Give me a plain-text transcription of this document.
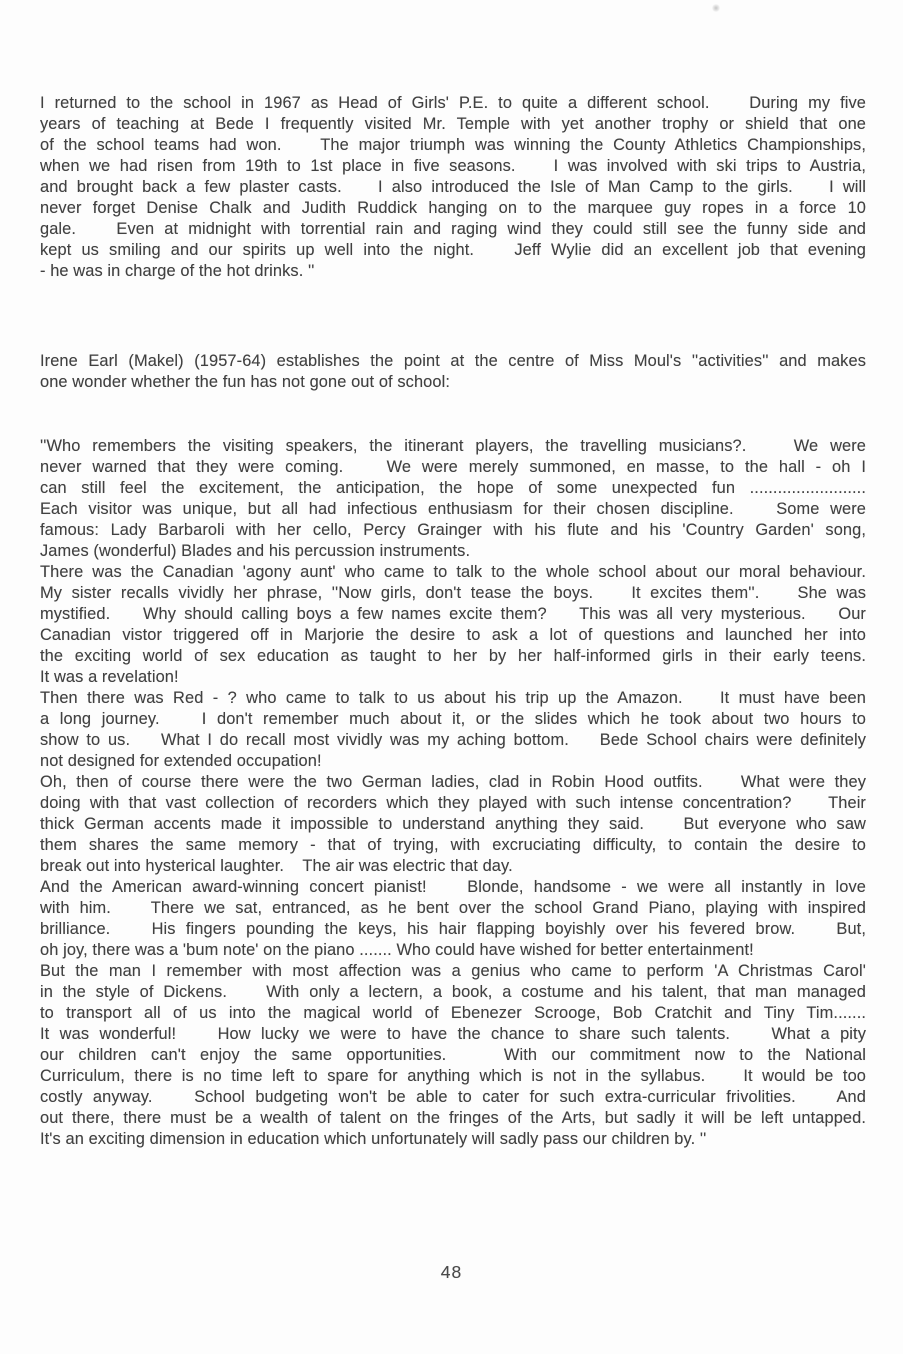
I returned to the school in 1967 as Head of Girls' P.E. to quite a different school.    During my five
years of teaching at Bede I frequently visited Mr. Temple with yet another trophy or shield that one
of the school teams had won.    The major triumph was winning the County Athletics Championships,
when we had risen from 19th to 1st place in five seasons.    I was involved with ski trips to Austria,
and brought back a few plaster casts.    I also introduced the Isle of Man Camp to the girls.    I will
never forget Denise Chalk and Judith Ruddick hanging on to the marquee guy ropes in a force 10
gale.    Even at midnight with torrential rain and raging wind they could still see the funny side and
kept us smiling and our spirits up well into the night.    Jeff Wylie did an excellent job that evening
- he was in charge of the hot drinks. ''
Irene Earl (Makel) (1957-64) establishes the point at the centre of Miss Moul's ''activities'' and makes
one wonder whether the fun has not gone out of school:
''Who remembers the visiting speakers, the itinerant players, the travelling musicians?.    We were
never warned that they were coming.    We were merely summoned, en masse, to the hall - oh I
can still feel the excitement, the anticipation, the hope of some unexpected fun .........................
Each visitor was unique, but all had infectious enthusiasm for their chosen discipline.    Some were
famous: Lady Barbaroli with her cello, Percy Grainger with his flute and his 'Country Garden' song,
James (wonderful) Blades and his percussion instruments.
There was the Canadian 'agony aunt' who came to talk to the whole school about our moral behaviour.
My sister recalls vividly her phrase, ''Now girls, don't tease the boys.    It excites them''.    She was
mystified.    Why should calling boys a few names excite them?    This was all very mysterious.    Our
Canadian vistor triggered off in Marjorie the desire to ask a lot of questions and launched her into
the exciting world of sex education as taught to her by her half-informed girls in their early teens.
It was a revelation!
Then there was Red - ? who came to talk to us about his trip up the Amazon.    It must have been
a long journey.    I don't remember much about it, or the slides which he took about two hours to
show to us.    What I do recall most vividly was my aching bottom.    Bede School chairs were definitely
not designed for extended occupation!
Oh, then of course there were the two German ladies, clad in Robin Hood outfits.    What were they
doing with that vast collection of recorders which they played with such intense concentration?    Their
thick German accents made it impossible to understand anything they said.    But everyone who saw
them shares the same memory - that of trying, with excruciating difficulty, to contain the desire to
break out into hysterical laughter.    The air was electric that day.
And the American award-winning concert pianist!    Blonde, handsome - we were all instantly in love
with him.    There we sat, entranced, as he bent over the school Grand Piano, playing with inspired
brilliance.    His fingers pounding the keys, his hair flapping boyishly over his fevered brow.    But,
oh joy, there was a 'bum note' on the piano ....... Who could have wished for better entertainment!
But the man I remember with most affection was a genius who came to perform 'A Christmas Carol'
in the style of Dickens.    With only a lectern, a book, a costume and his talent, that man managed
to transport all of us into the magical world of Ebenezer Scrooge, Bob Cratchit and Tiny Tim.......
It was wonderful!    How lucky we were to have the chance to share such talents.    What a pity
our children can't enjoy the same opportunities.    With our commitment now to the National
Curriculum, there is no time left to spare for anything which is not in the syllabus.    It would be too
costly anyway.    School budgeting won't be able to cater for such extra-curricular frivolities.    And
out there, there must be a wealth of talent on the fringes of the Arts, but sadly it will be left untapped.
It's an exciting dimension in education which unfortunately will sadly pass our children by. ''
48
